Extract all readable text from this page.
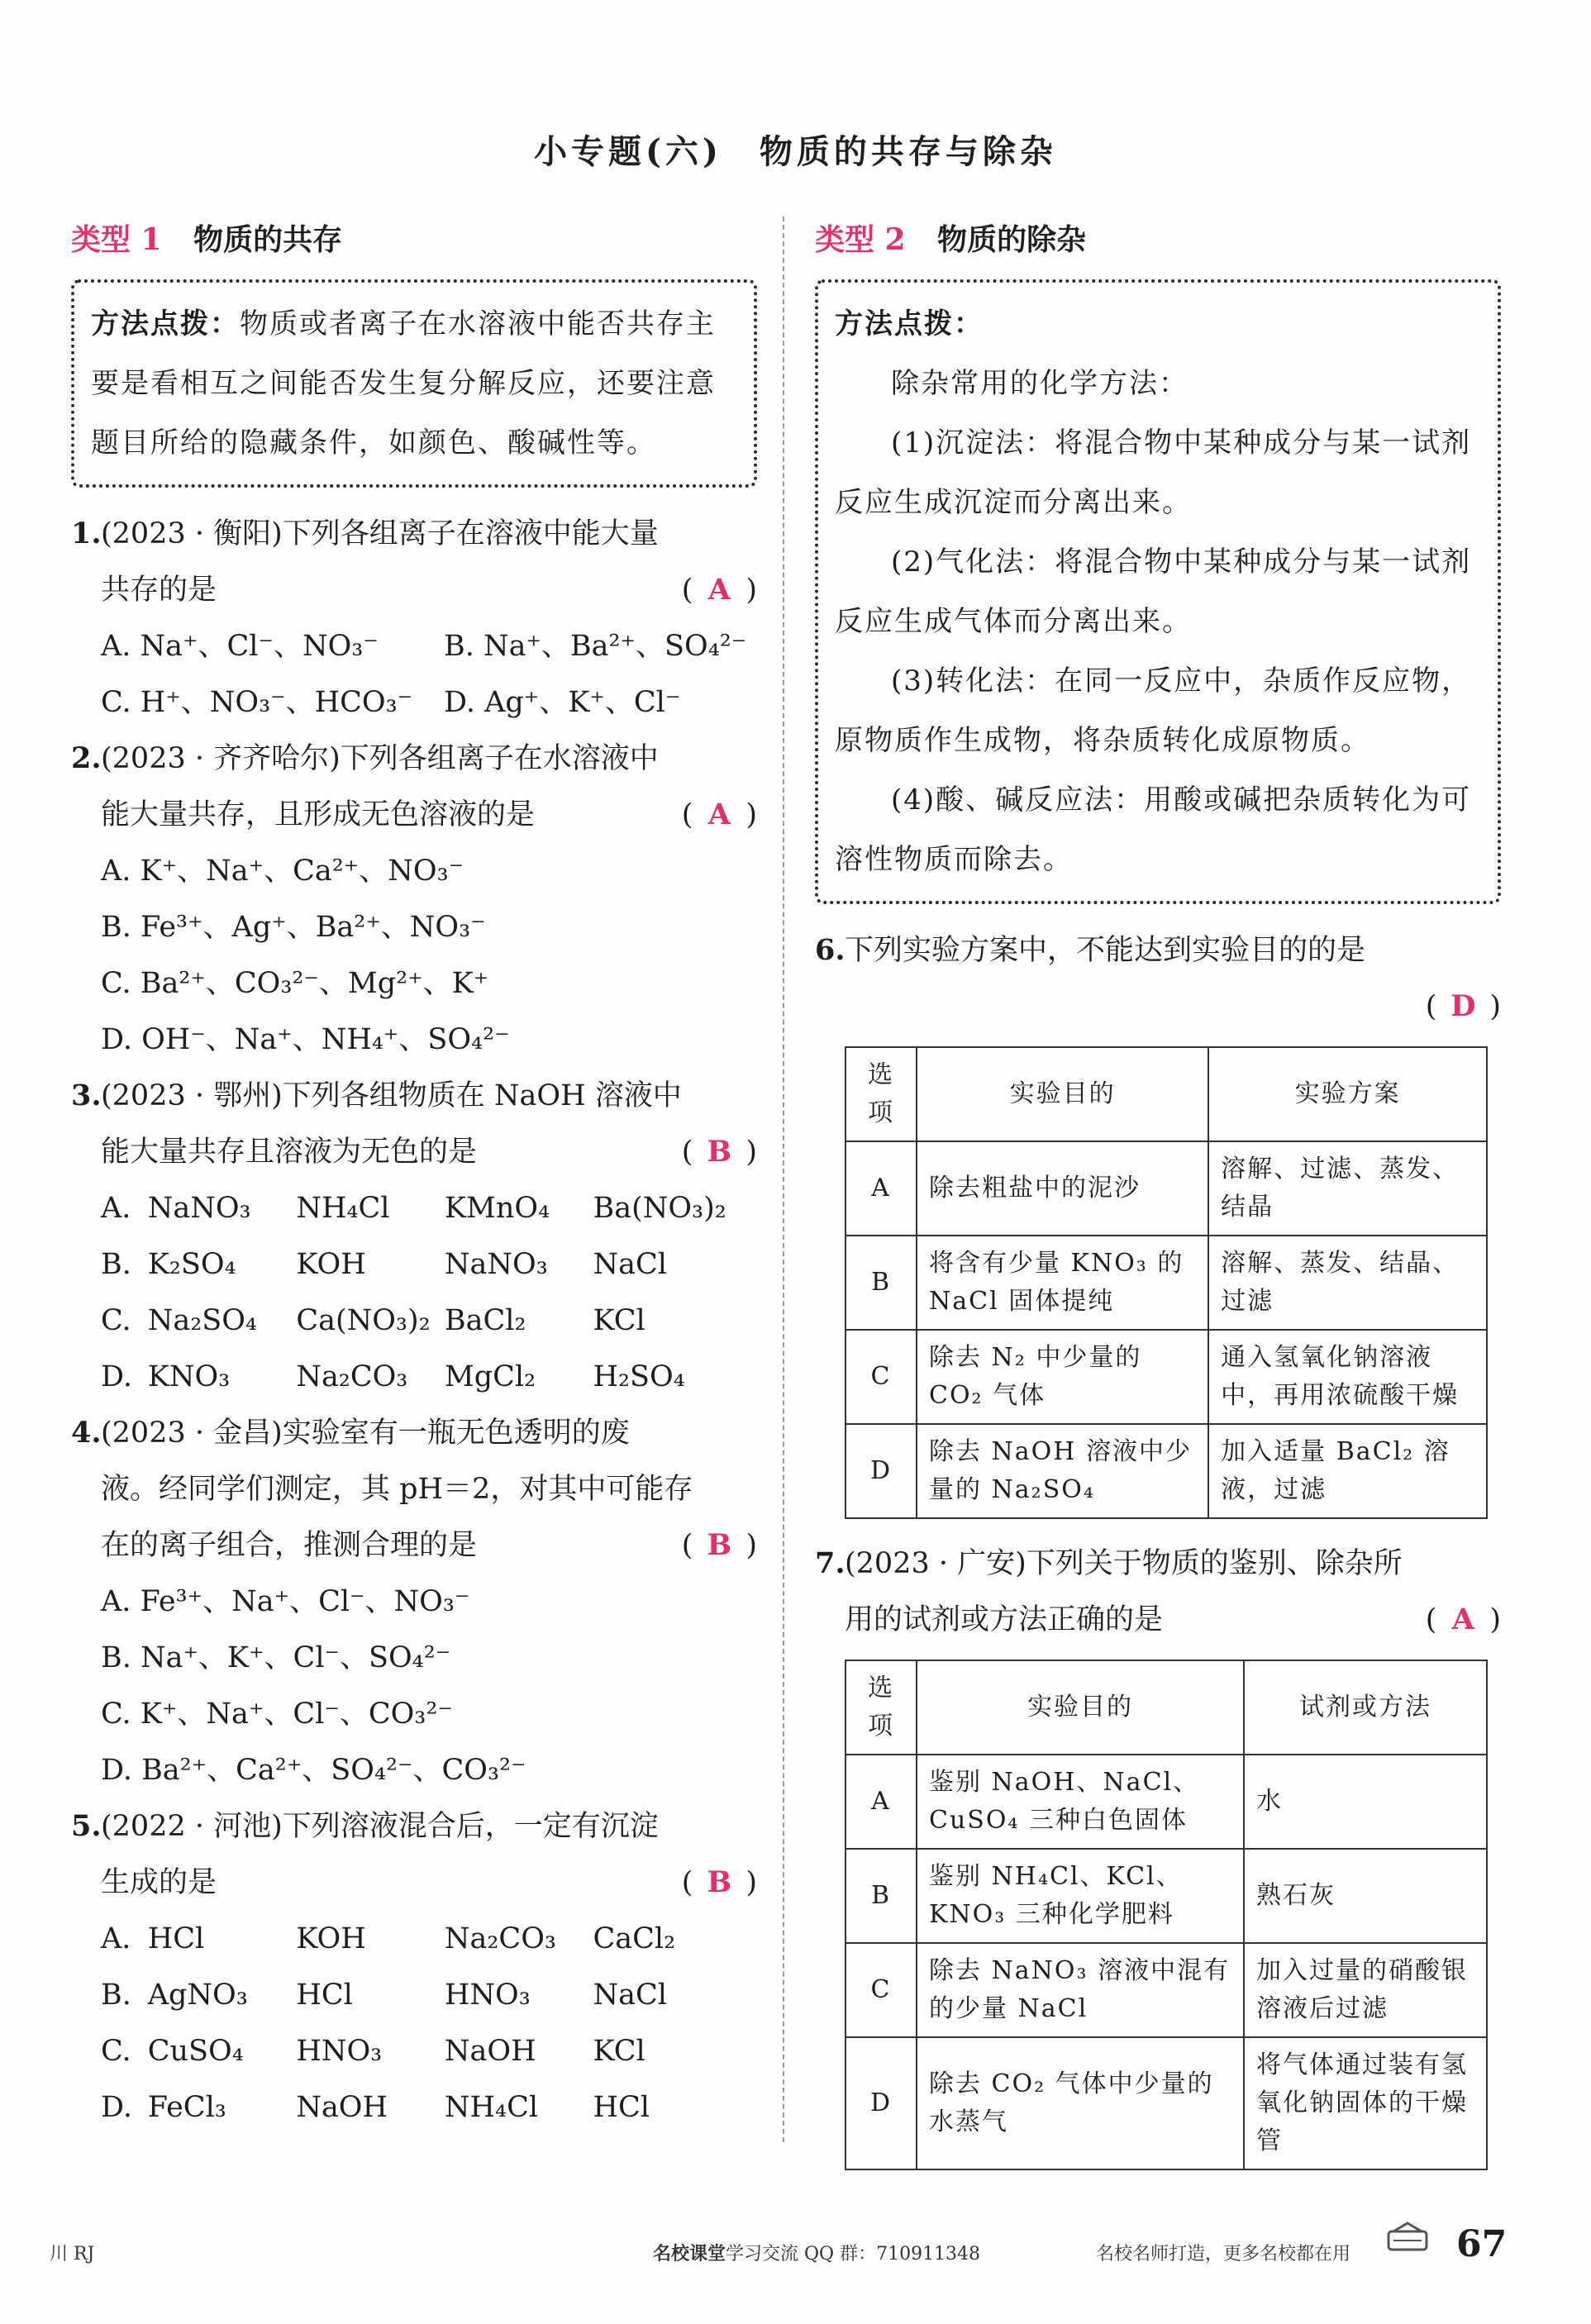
小专题(六)　物质的共存与除杂
类型 1 物质的共存

方法点拨：物质或者离子在水溶液中能否共存主要是看相互之间能否发生复分解反应，还要注意题目所给的隐藏条件，如颜色、酸碱性等。

1. (2023 · 衡阳)下列各组离子在溶液中能大量
共存的是	( A )
A. Na⁺、Cl⁻、NO₃⁻	B. Na⁺、Ba²⁺、SO₄²⁻
C. H⁺、NO₃⁻、HCO₃⁻	D. Ag⁺、K⁺、Cl⁻
2. (2023 · 齐齐哈尔)下列各组离子在水溶液中
能大量共存，且形成无色溶液的是	( A )
A. K⁺、Na⁺、Ca²⁺、NO₃⁻
B. Fe³⁺、Ag⁺、Ba²⁺、NO₃⁻
C. Ba²⁺、CO₃²⁻、Mg²⁺、K⁺
D. OH⁻、Na⁺、NH₄⁺、SO₄²⁻
3. (2023 · 鄂州)下列各组物质在 NaOH 溶液中
能大量共存且溶液为无色的是	( B )
A. NaNO₃	NH₄Cl	KMnO₄	Ba(NO₃)₂
B. K₂SO₄	KOH	NaNO₃	NaCl
C. Na₂SO₄	Ca(NO₃)₂ BaCl₂	KCl
D. KNO₃	Na₂CO₃	MgCl₂	H₂SO₄
4. (2023 · 金昌)实验室有一瓶无色透明的废
液。经同学们测定，其 pH＝2，对其中可能存
在的离子组合，推测合理的是	( B )
A. Fe³⁺、Na⁺、Cl⁻、NO₃⁻
B. Na⁺、K⁺、Cl⁻、SO₄²⁻
C. K⁺、Na⁺、Cl⁻、CO₃²⁻
D. Ba²⁺、Ca²⁺、SO₄²⁻、CO₃²⁻
5. (2022 · 河池)下列溶液混合后，一定有沉淀
生成的是	( B )
A. HCl	KOH	Na₂CO₃	CaCl₂
B. AgNO₃	HCl	HNO₃	NaCl
C. CuSO₄	HNO₃	NaOH	KCl
D. FeCl₃	NaOH	NH₄Cl	HCl
类型 2 物质的除杂

方法点拨：

除杂常用的化学方法：

(1)沉淀法：将混合物中某种成分与某一试剂反应生成沉淀而分离出来。

(2)气化法：将混合物中某种成分与某一试剂反应生成气体而分离出来。

(3)转化法：在同一反应中，杂质作反应物，原物质作生成物，将杂质转化成原物质。

(4)酸、碱反应法：用酸或碱把杂质转化为可溶性物质而除去。

6. 下列实验方案中，不能达到实验目的的是
( D )
选项	实验目的	实验方案
A	除去粗盐中的泥沙	溶解、过滤、蒸发、结晶
B	将含有少量 KNO₃ 的 NaCl 固体提纯	溶解、蒸发、结晶、过滤
C	除去 N₂ 中少量的 CO₂ 气体	通入氢氧化钠溶液中，再用浓硫酸干燥
D	除去 NaOH 溶液中少量的 Na₂SO₄	加入适量 BaCl₂ 溶液，过滤
7. (2023 · 广安)下列关于物质的鉴别、除杂所
用的试剂或方法正确的是	( A )
选项	实验目的	试剂或方法
A	鉴别 NaOH、NaCl、CuSO₄ 三种白色固体	水
B	鉴别 NH₄Cl、KCl、KNO₃ 三种化学肥料	熟石灰
C	除去 NaNO₃ 溶液中混有的少量 NaCl	加入过量的硝酸银溶液后过滤
D	除去 CO₂ 气体中少量的水蒸气	将气体通过装有氢氧化钠固体的干燥管
川 RJ	名校课堂学习交流 QQ 群：710911348	名校名师打造，更多名校都在用	67
